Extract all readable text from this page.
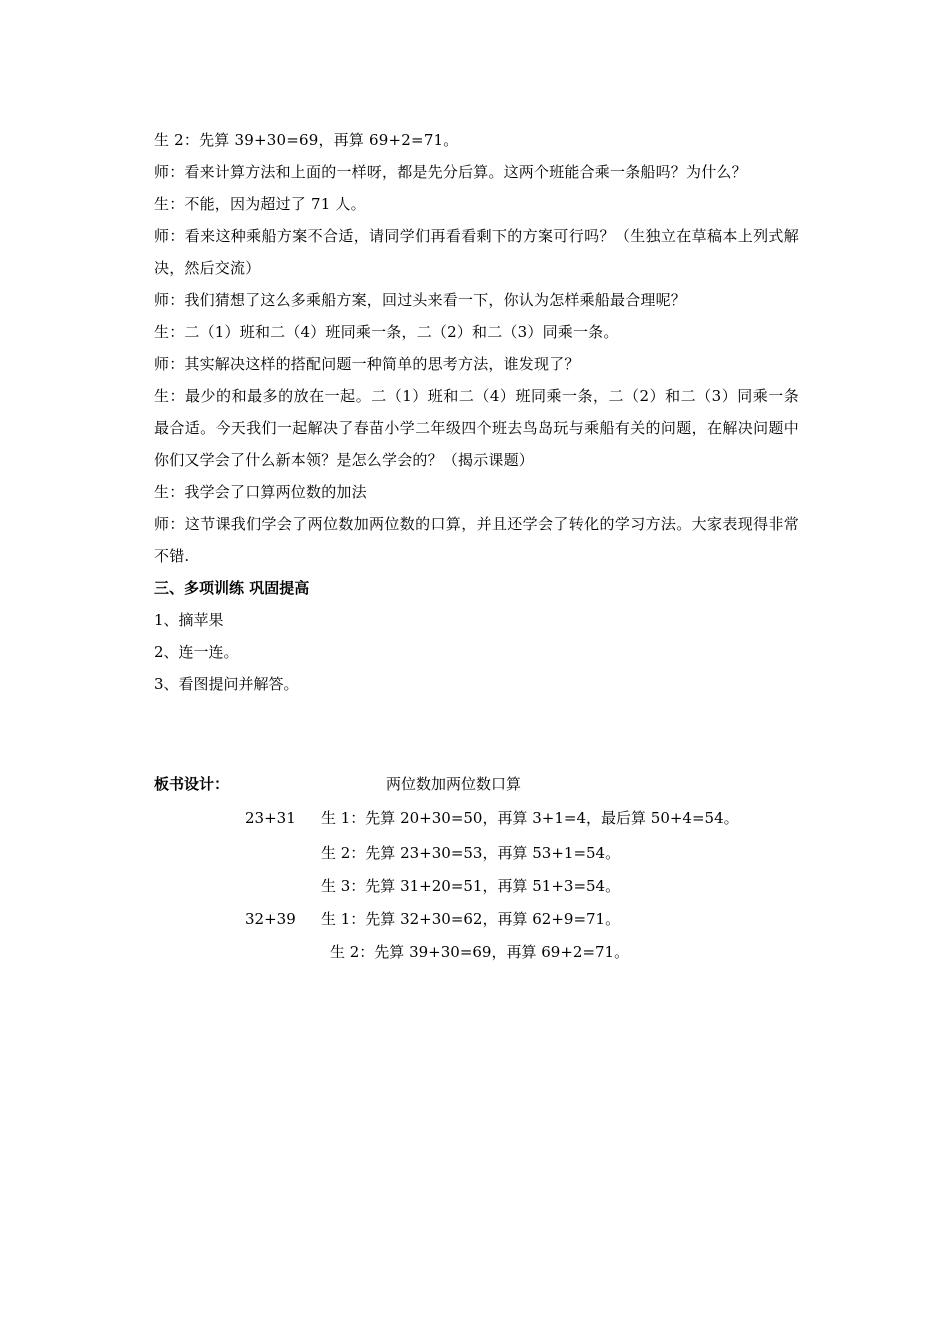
生 2：先算 39+30=69，再算 69+2=71。

师：看来计算方法和上面的一样呀，都是先分后算。这两个班能合乘一条船吗？为什么？

生：不能，因为超过了 71 人。

师：看来这种乘船方案不合适，请同学们再看看剩下的方案可行吗？（生独立在草稿本上列式解决，然后交流）

师：我们猜想了这么多乘船方案，回过头来看一下，你认为怎样乘船最合理呢？

生：二（1）班和二（4）班同乘一条，二（2）和二（3）同乘一条。

师：其实解决这样的搭配问题一种简单的思考方法，谁发现了？

生：最少的和最多的放在一起。二（1）班和二（4）班同乘一条，二（2）和二（3）同乘一条最合适。今天我们一起解决了春苗小学二年级四个班去鸟岛玩与乘船有关的问题，在解决问题中你们又学会了什么新本领？是怎么学会的？（揭示课题）

生：我学会了口算两位数的加法

师：这节课我们学会了两位数加两位数的口算，并且还学会了转化的学习方法。大家表现得非常不错.

三、多项训练 巩固提高

1、摘苹果

2、连一连。

3、看图提问并解答。

板书设计：	两位数加两位数口算
23+31 生 1：先算 20+30=50，再算 3+1=4，最后算 50+4=54。
生 2：先算 23+30=53，再算 53+1=54。
生 3：先算 31+20=51，再算 51+3=54。
32+39 生 1：先算 32+30=62，再算 62+9=71。
生 2：先算 39+30=69，再算 69+2=71。
